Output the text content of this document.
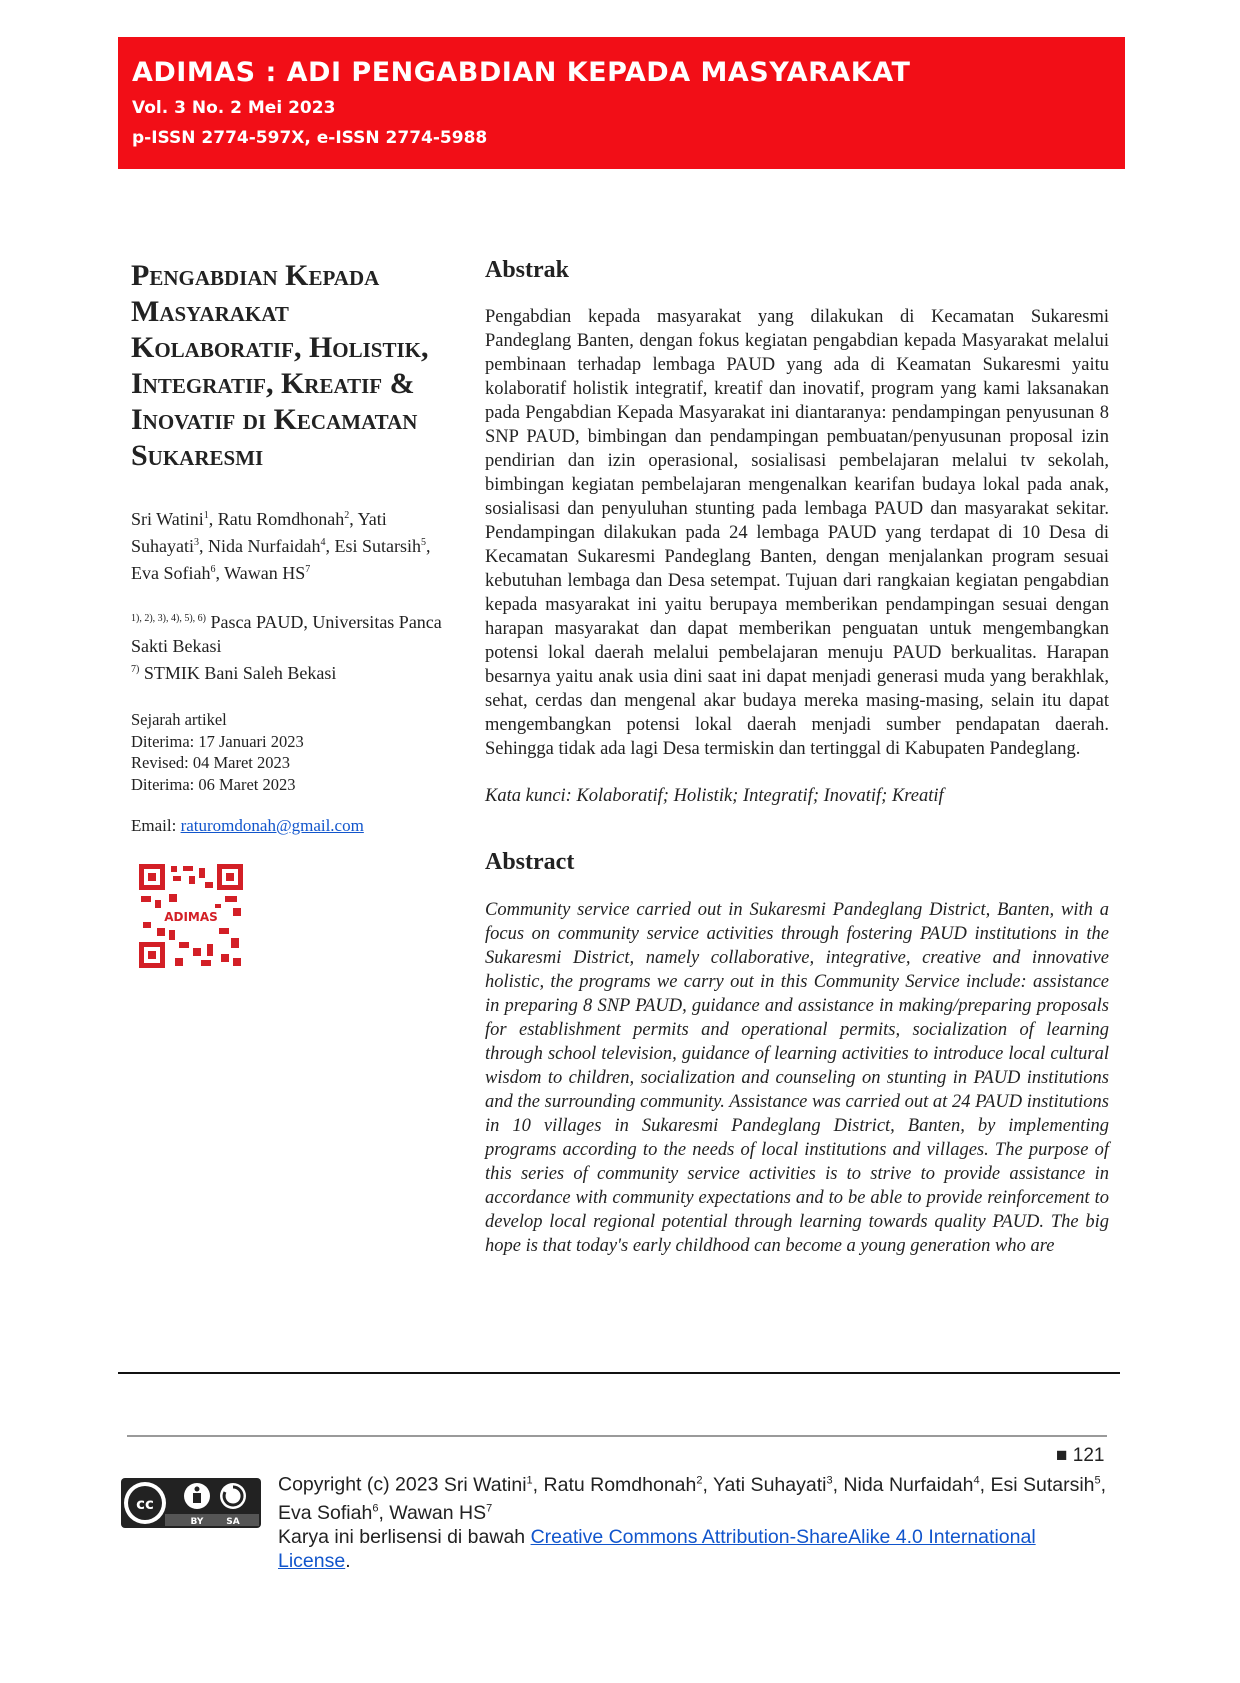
ADIMAS : ADI PENGABDIAN KEPADA MASYARAKAT
Vol. 3 No. 2 Mei 2023
p-ISSN 2774-597X, e-ISSN 2774-5988
Pengabdian Kepada Masyarakat Kolaboratif, Holistik, Integratif, Kreatif & Inovatif di Kecamatan Sukaresmi
Sri Watini$^1$, Ratu Romdhonah$^2$, Yati Suhayati$^3$, Nida Nurfaidah$^4$, Esi Sutarsih$^5$, Eva Sofiah$^6$, Wawan $HS^7$
$^{1), 2), 3), 4), 5), 6)}$ Pasca PAUD, Universitas Panca Sakti Bekasi
$^{7)}$ STMIK Bani Saleh Bekasi
Sejarah artikel
Diterima: 17 Januari 2023
Revised: 04 Maret 2023
Diterima: 06 Maret 2023
Email: raturomdonah@gmail.com
ADIMAS
Abstrak

Pengabdian kepada masyarakat yang dilakukan di Kecamatan Sukaresmi Pandeglang Banten, dengan fokus kegiatan pengabdian kepada Masyarakat melalui pembinaan terhadap lembaga PAUD yang ada di Keamatan Sukaresmi yaitu kolaboratif holistik integratif, kreatif dan inovatif, program yang kami laksanakan pada Pengabdian Kepada Masyarakat ini diantaranya: pendampingan penyusunan 8 SNP PAUD, bimbingan dan pendampingan pembuatan/penyusunan proposal izin pendirian dan izin operasional, sosialisasi pembelajaran melalui tv sekolah, bimbingan kegiatan pembelajaran mengenalkan kearifan budaya lokal pada anak, sosialisasi dan penyuluhan stunting pada lembaga PAUD dan masyarakat sekitar. Pendampingan dilakukan pada 24 lembaga PAUD yang terdapat di 10 Desa di Kecamatan Sukaresmi Pandeglang Banten, dengan menjalankan program sesuai kebutuhan lembaga dan Desa setempat. Tujuan dari rangkaian kegiatan pengabdian kepada masyarakat ini yaitu berupaya memberikan pendampingan sesuai dengan harapan masyarakat dan dapat memberikan penguatan untuk mengembangkan potensi lokal daerah melalui pembelajaran menuju PAUD berkualitas. Harapan besarnya yaitu anak usia dini saat ini dapat menjadi generasi muda yang berakhlak, sehat, cerdas dan mengenal akar budaya mereka masing-masing, selain itu dapat mengembangkan potensi lokal daerah menjadi sumber pendapatan daerah. Sehingga tidak ada lagi Desa termiskin dan tertinggal di Kabupaten Pandeglang.

Kata kunci: Kolaboratif; Holistik; Integratif; Inovatif; Kreatif
Abstract

Community service carried out in Sukaresmi Pandeglang District, Banten, with a focus on community service activities through fostering PAUD institutions in the Sukaresmi District, namely collaborative, integrative, creative and innovative holistic, the programs we carry out in this Community Service include: assistance in preparing 8 SNP PAUD, guidance and assistance in making/preparing proposals for establishment permits and operational permits, socialization of learning through school television, guidance of learning activities to introduce local cultural wisdom to children, socialization and counseling on stunting in PAUD institutions and the surrounding community. Assistance was carried out at 24 PAUD institutions in 10 villages in Sukaresmi Pandeglang District, Banten, by implementing programs according to the needs of local institutions and villages. The purpose of this series of community service activities is to strive to provide assistance in accordance with community expectations and to be able to provide reinforcement to develop local regional potential through learning towards quality PAUD. The big hope is that today's early childhood can become a young generation who are

■ 121
cc
BY	SA
Copyright (c) 2023 Sri Watini$^1$, Ratu Romdhonah$^2$, Yati Suhayati$^3$, Nida Nurfaidah$^4$, Esi Sutarsih$^5$, Eva Sofiah$^6$, Wawan $HS^7$
Karya ini berlisensi di bawah Creative Commons Attribution-ShareAlike 4.0 International License.
